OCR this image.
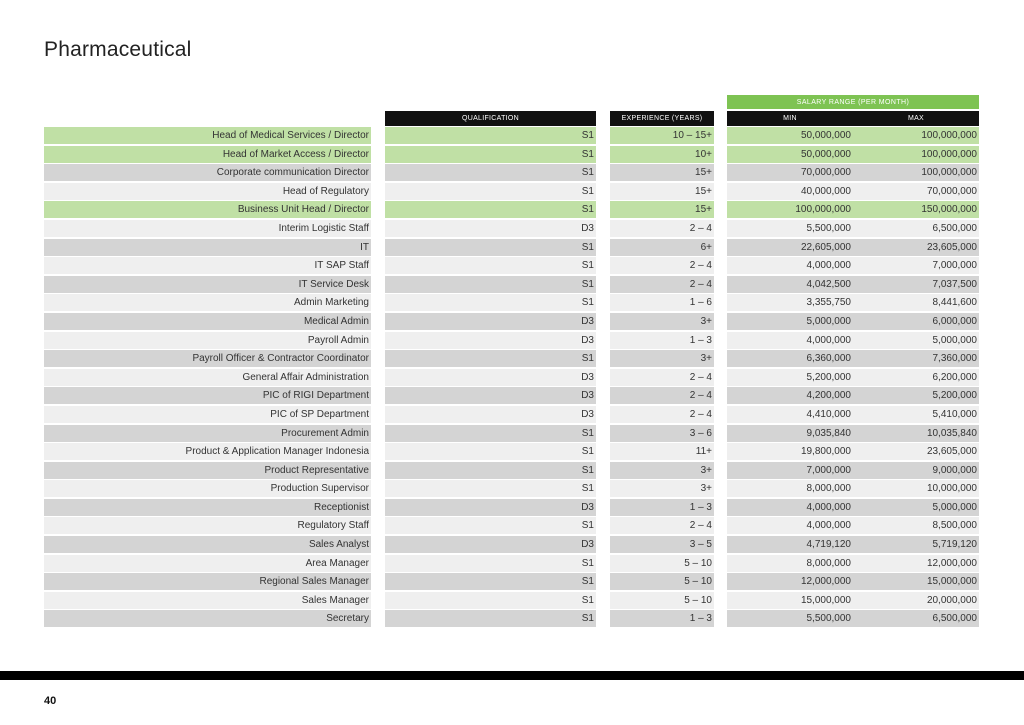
Pharmaceutical
SALARY RANGE (PER MONTH)
QUALIFICATION	EXPERIENCE (YEARS)	MIN	MAX
Head of Medical Services / Director	S1	10 – 15+	50,000,000	100,000,000
Head of Market Access / Director	S1	10+	50,000,000	100,000,000
Corporate communication Director	S1	15+	70,000,000	100,000,000
Head of Regulatory	S1	15+	40,000,000	70,000,000
Business Unit Head / Director	S1	15+	100,000,000	150,000,000
Interim Logistic Staff	D3	2 – 4	5,500,000	6,500,000
IT	S1	6+	22,605,000	23,605,000
IT SAP Staff	S1	2 – 4	4,000,000	7,000,000
IT Service Desk	S1	2 – 4	4,042,500	7,037,500
Admin Marketing	S1	1 – 6	3,355,750	8,441,600
Medical Admin	D3	3+	5,000,000	6,000,000
Payroll Admin	D3	1 – 3	4,000,000	5,000,000
Payroll Officer & Contractor Coordinator	S1	3+	6,360,000	7,360,000
General Affair Administration	D3	2 – 4	5,200,000	6,200,000
PIC of RIGI Department	D3	2 – 4	4,200,000	5,200,000
PIC of SP Department	D3	2 – 4	4,410,000	5,410,000
Procurement Admin	S1	3 – 6	9,035,840	10,035,840
Product & Application Manager Indonesia	S1	11+	19,800,000	23,605,000
Product Representative	S1	3+	7,000,000	9,000,000
Production Supervisor	S1	3+	8,000,000	10,000,000
Receptionist	D3	1 – 3	4,000,000	5,000,000
Regulatory Staff	S1	2 – 4	4,000,000	8,500,000
Sales Analyst	D3	3 – 5	4,719,120	5,719,120
Area Manager	S1	5 – 10	8,000,000	12,000,000
Regional Sales Manager	S1	5 – 10	12,000,000	15,000,000
Sales Manager	S1	5 – 10	15,000,000	20,000,000
Secretary	S1	1 – 3	5,500,000	6,500,000
40
